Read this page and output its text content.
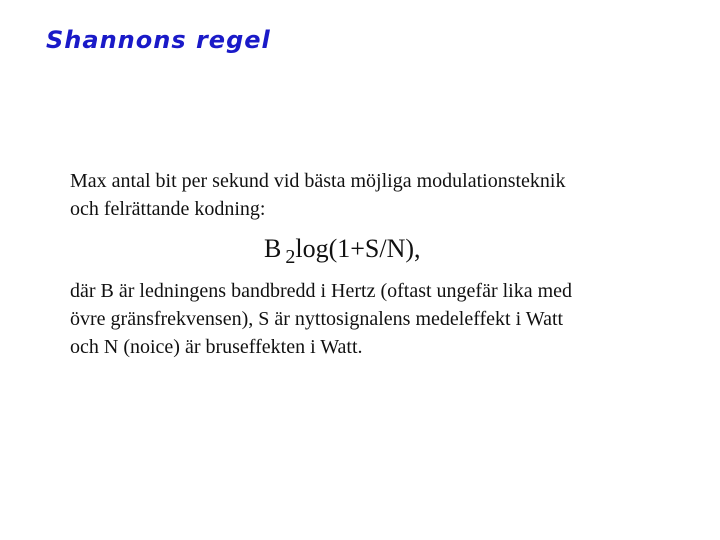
Shannons regel

Max antal bit per sekund vid bästa möjliga modulationsteknik
och felrättande kodning:

B $_2$log(1+S/N),

där B är ledningens bandbredd i Hertz (oftast ungefär lika med
övre gränsfrekvensen), S är nyttosignalens medeleffekt i Watt
och N (noice) är bruseffekten i Watt.
